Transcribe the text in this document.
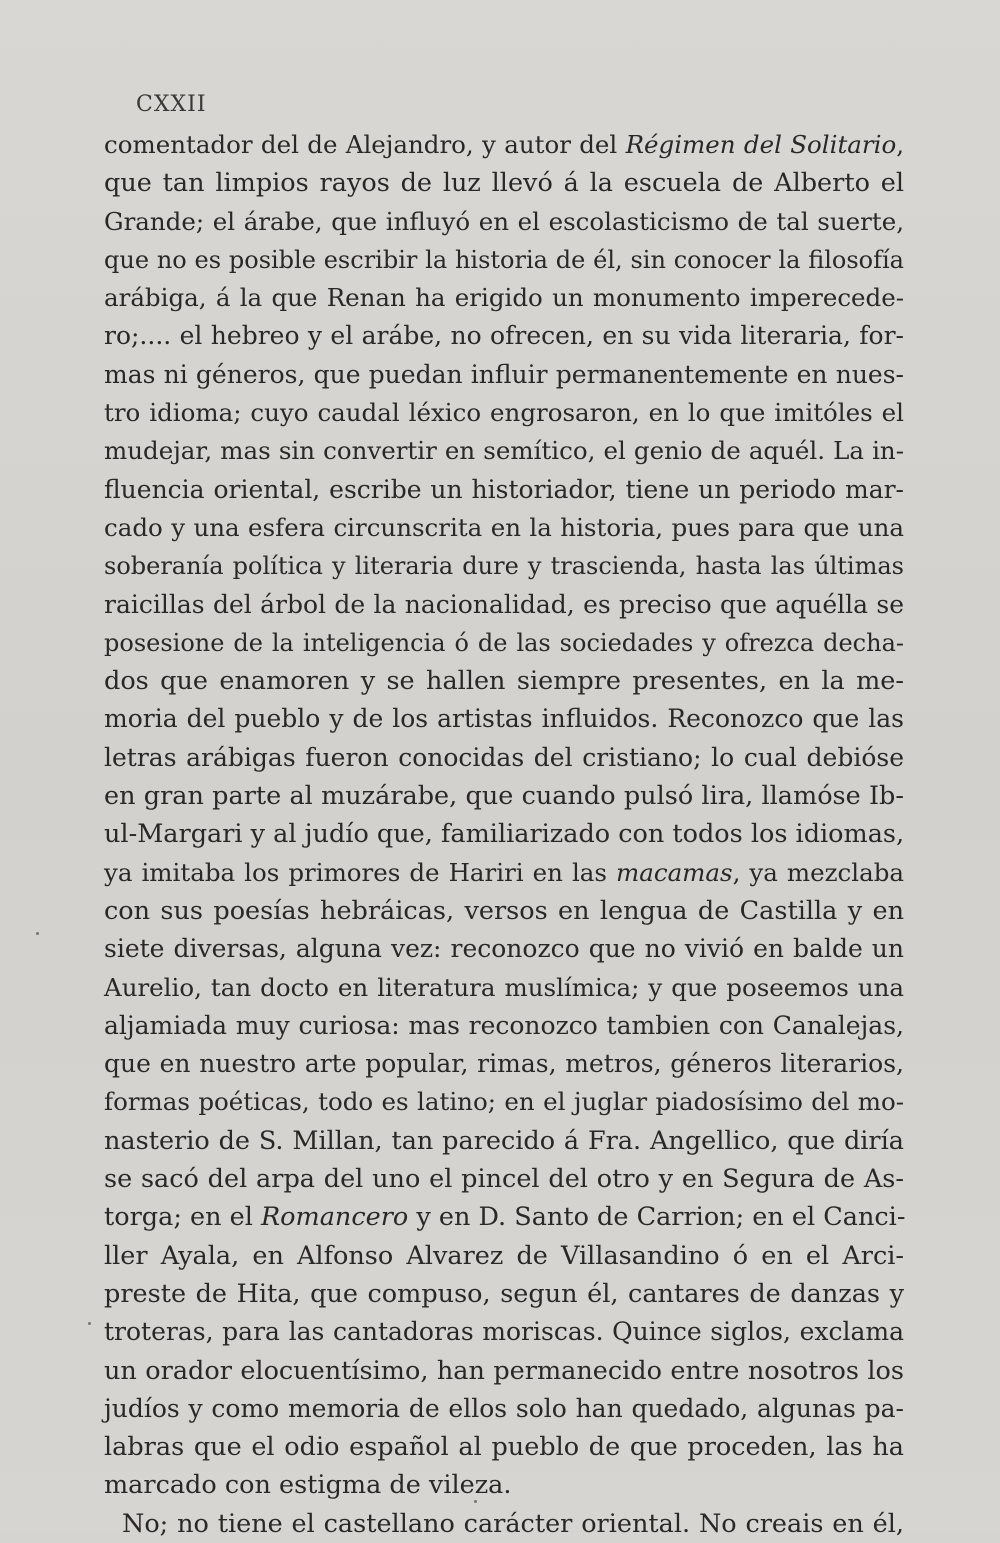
CXXII
comentador del de Alejandro, y autor del Régimen del Solitario,
que tan limpios rayos de luz llevó á la escuela de Alberto el
Grande; el árabe, que influyó en el escolasticismo de tal suerte,
que no es posible escribir la historia de él, sin conocer la filosofía
arábiga, á la que Renan ha erigido un monumento imperecede-
ro;.... el hebreo y el arábe, no ofrecen, en su vida literaria, for-
mas ni géneros, que puedan influir permanentemente en nues-
tro idioma; cuyo caudal léxico engrosaron, en lo que imitóles el
mudejar, mas sin convertir en semítico, el genio de aquél. La in-
fluencia oriental, escribe un historiador, tiene un periodo mar-
cado y una esfera circunscrita en la historia, pues para que una
soberanía política y literaria dure y trascienda, hasta las últimas
raicillas del árbol de la nacionalidad, es preciso que aquélla se
posesione de la inteligencia ó de las sociedades y ofrezca decha-
dos que enamoren y se hallen siempre presentes, en la me-
moria del pueblo y de los artistas influidos. Reconozco que las
letras arábigas fueron conocidas del cristiano; lo cual debióse
en gran parte al muzárabe, que cuando pulsó lira, llamóse Ib-
ul-Margari y al judío que, familiarizado con todos los idiomas,
ya imitaba los primores de Hariri en las macamas, ya mezclaba
con sus poesías hebráicas, versos en lengua de Castilla y en
siete diversas, alguna vez: reconozco que no vivió en balde un
Aurelio, tan docto en literatura muslímica; y que poseemos una
aljamiada muy curiosa: mas reconozco tambien con Canalejas,
que en nuestro arte popular, rimas, metros, géneros literarios,
formas poéticas, todo es latino; en el juglar piadosísimo del mo-
nasterio de S. Millan, tan parecido á Fra. Angellico, que diría
se sacó del arpa del uno el pincel del otro y en Segura de As-
torga; en el Romancero y en D. Santo de Carrion; en el Canci-
ller Ayala, en Alfonso Alvarez de Villasandino ó en el Arci-
preste de Hita, que compuso, segun él, cantares de danzas y
troteras, para las cantadoras moriscas. Quince siglos, exclama
un orador elocuentísimo, han permanecido entre nosotros los
judíos y como memoria de ellos solo han quedado, algunas pa-
labras que el odio español al pueblo de que proceden, las ha
marcado con estigma de vileza.
No; no tiene el castellano carácter oriental. No creais en él,
